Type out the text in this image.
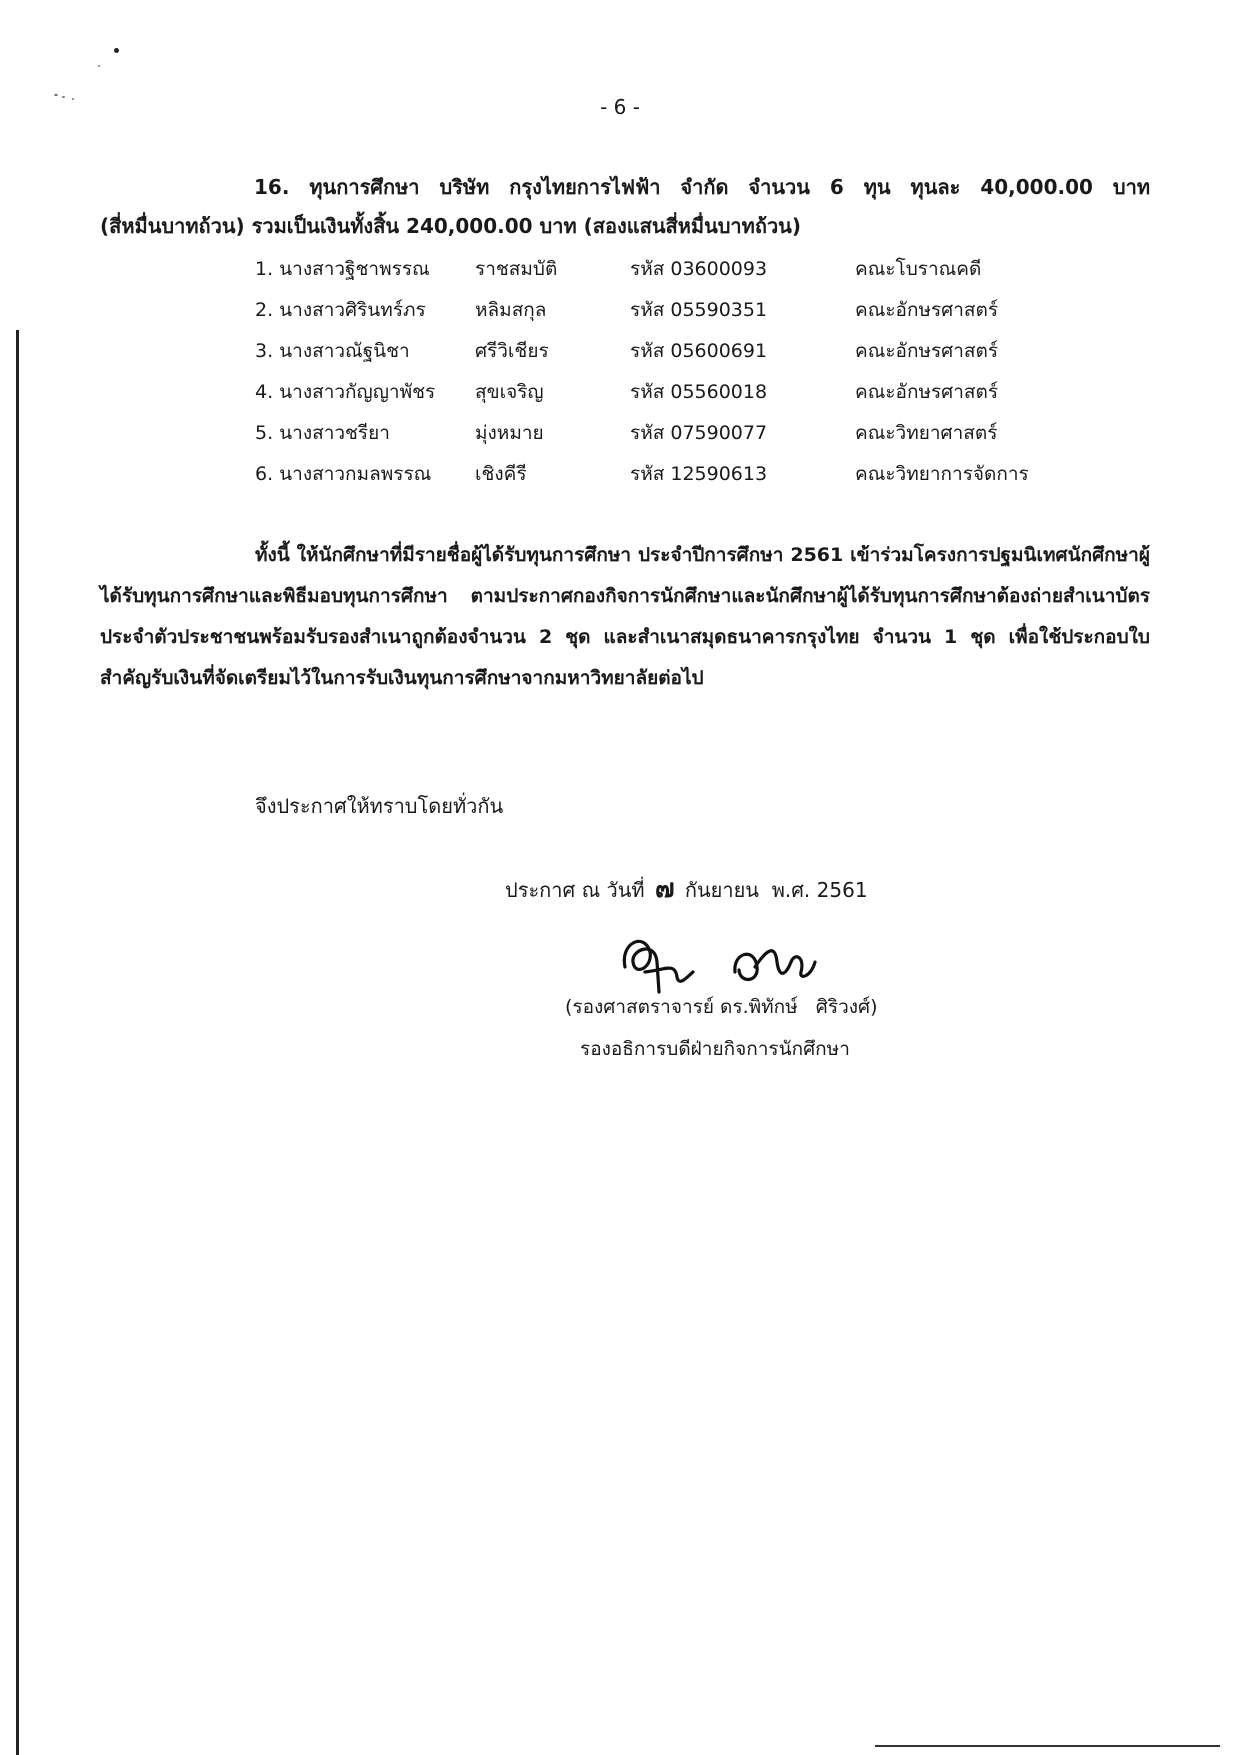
- 6 -
16. ทุนการศึกษา บริษัท กรุงไทยการไฟฟ้า จำกัด จำนวน 6 ทุน ทุนละ 40,000.00 บาท
(สี่หมื่นบาทถ้วน) รวมเป็นเงินทั้งสิ้น 240,000.00 บาท (สองแสนสี่หมื่นบาทถ้วน)
1. นางสาวฐิชาพรรณ	ราชสมบัติ	รหัส 03600093	คณะโบราณคดี
2. นางสาวศิรินทร์ภร	หลิมสกุล	รหัส 05590351	คณะอักษรศาสตร์
3. นางสาวณัฐนิชา	ศรีวิเชียร	รหัส 05600691	คณะอักษรศาสตร์
4. นางสาวกัญญาพัชร	สุขเจริญ	รหัส 05560018	คณะอักษรศาสตร์
5. นางสาวชรียา	มุ่งหมาย	รหัส 07590077	คณะวิทยาศาสตร์
6. นางสาวกมลพรรณ	เชิงคีรี	รหัส 12590613	คณะวิทยาการจัดการ
ทั้งนี้ ให้นักศึกษาที่มีรายชื่อผู้ได้รับทุนการศึกษา ประจำปีการศึกษา 2561 เข้าร่วมโครงการปฐมนิเทศนักศึกษาผู้ได้รับทุนการศึกษาและพิธีมอบทุนการศึกษา ตามประกาศกองกิจการนักศึกษาและนักศึกษาผู้ได้รับทุนการศึกษาต้องถ่ายสำเนาบัตรประจำตัวประชาชนพร้อมรับรองสำเนาถูกต้องจำนวน 2 ชุด และสำเนาสมุดธนาคารกรุงไทย จำนวน 1 ชุด เพื่อใช้ประกอบใบสำคัญรับเงินที่จัดเตรียมไว้ในการรับเงินทุนการศึกษาจากมหาวิทยาลัยต่อไป
จึงประกาศให้ทราบโดยทั่วกัน
ประกาศ ณ วันที่ ๗ กันยายน  พ.ศ. 2561
(รองศาสตราจารย์ ดร.พิทักษ์   ศิริวงศ์)
รองอธิการบดีฝ่ายกิจการนักศึกษา
